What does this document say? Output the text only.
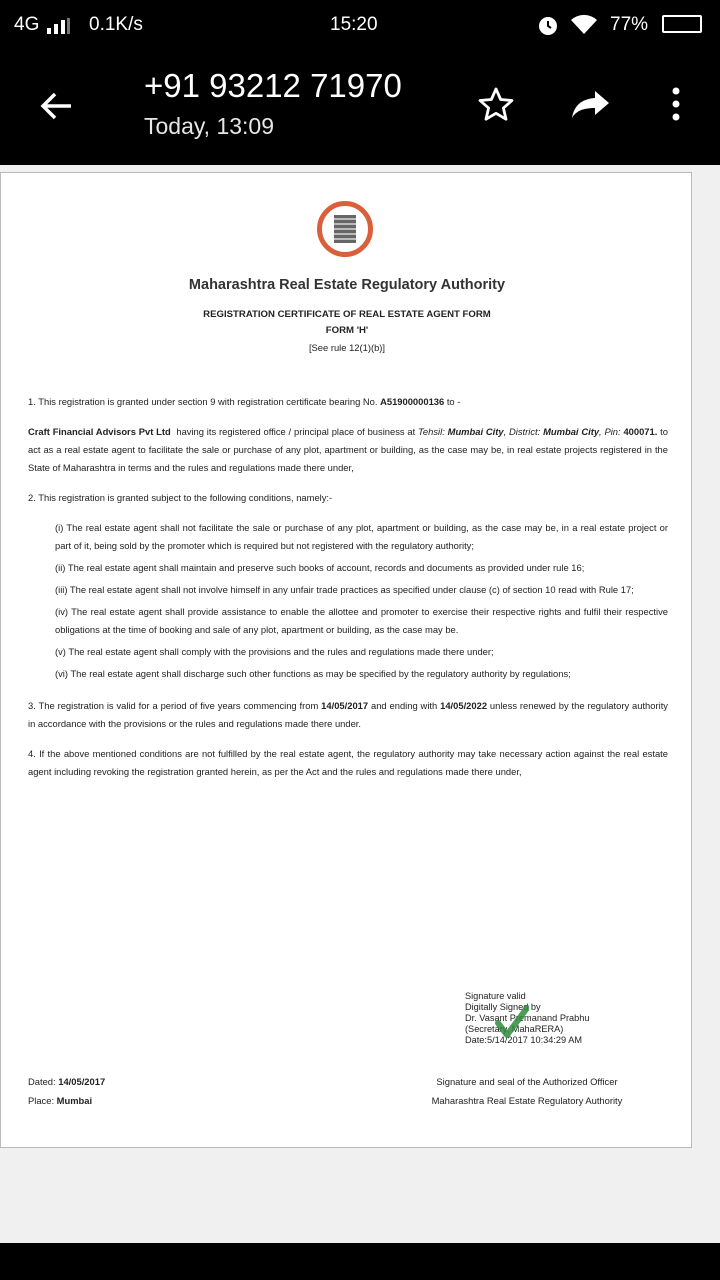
4G	0.1K/s	15:20	77%
+91 93212 71970
Today, 13:09
Maharashtra Real Estate Regulatory Authority
REGISTRATION CERTIFICATE OF REAL ESTATE AGENT FORM
FORM 'H'
[See rule 12(1)(b)]
1. This registration is granted under section 9 with registration certificate bearing No. A51900000136 to -
Craft Financial Advisors Pvt Ltd having its registered office / principal place of business at Tehsil: Mumbai City, District: Mumbai City, Pin: 400071. to act as a real estate agent to facilitate the sale or purchase of any plot, apartment or building, as the case may be, in real estate projects registered in the State of Maharashtra in terms and the rules and regulations made there under,
2. This registration is granted subject to the following conditions, namely:-
(i) The real estate agent shall not facilitate the sale or purchase of any plot, apartment or building, as the case may be, in a real estate project or part of it, being sold by the promoter which is required but not registered with the regulatory authority;
(ii) The real estate agent shall maintain and preserve such books of account, records and documents as provided under rule 16;
(iii) The real estate agent shall not involve himself in any unfair trade practices as specified under clause (c) of section 10 read with Rule 17;
(iv) The real estate agent shall provide assistance to enable the allottee and promoter to exercise their respective rights and fulfil their respective obligations at the time of booking and sale of any plot, apartment or building, as the case may be.
(v) The real estate agent shall comply with the provisions and the rules and regulations made there under;
(vi) The real estate agent shall discharge such other functions as may be specified by the regulatory authority by regulations;
3. The registration is valid for a period of five years commencing from 14/05/2017 and ending with 14/05/2022 unless renewed by the regulatory authority in accordance with the provisions or the rules and regulations made there under.
4. If the above mentioned conditions are not fulfilled by the real estate agent, the regulatory authority may take necessary action against the real estate agent including revoking the registration granted herein, as per the Act and the rules and regulations made there under,
Signature valid
Digitally Signed by
Dr. Vasant Premanand Prabhu
(Secretary, MahaRERA)
Date:5/14/2017 10:34:29 AM
Dated: 14/05/2017
Place: Mumbai
Signature and seal of the Authorized Officer
Maharashtra Real Estate Regulatory Authority
